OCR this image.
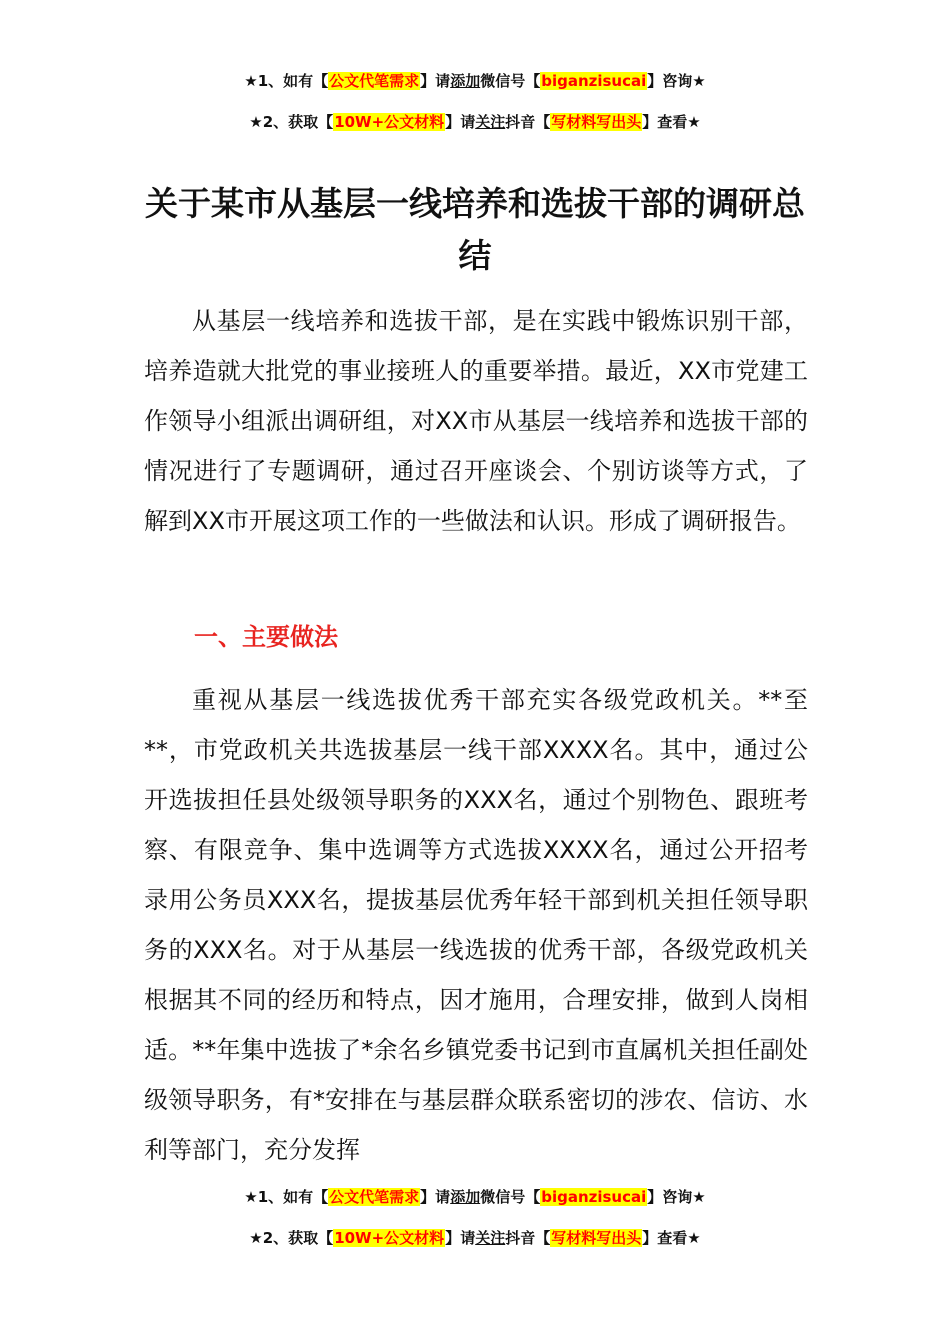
★1、如有【公文代笔需求】请添加微信号【biganzisucai】咨询★
★2、获取【10W+公文材料】请关注抖音【写材料写出头】查看★
关于某市从基层一线培养和选拔干部的调研总结

从基层一线培养和选拔干部，是在实践中锻炼识别干部，培养造就大批党的事业接班人的重要举措。最近，XX市党建工作领导小组派出调研组，对XX市从基层一线培养和选拔干部的情况进行了专题调研，通过召开座谈会、个别访谈等方式，了解到XX市开展这项工作的一些做法和认识。形成了调研报告。

一、主要做法

重视从基层一线选拔优秀干部充实各级党政机关。**至**，市党政机关共选拔基层一线干部XXXX名。其中，通过公开选拔担任县处级领导职务的XXX名，通过个别物色、跟班考察、有限竞争、集中选调等方式选拔XXXX名，通过公开招考录用公务员XXX名，提拔基层优秀年轻干部到机关担任领导职务的XXX名。对于从基层一线选拔的优秀干部，各级党政机关根据其不同的经历和特点，因才施用，合理安排，做到人岗相适。**年集中选拔了*余名乡镇党委书记到市直属机关担任副处级领导职务，有*安排在与基层群众联系密切的涉农、信访、水利等部门，充分发挥

★1、如有【公文代笔需求】请添加微信号【biganzisucai】咨询★
★2、获取【10W+公文材料】请关注抖音【写材料写出头】查看★
